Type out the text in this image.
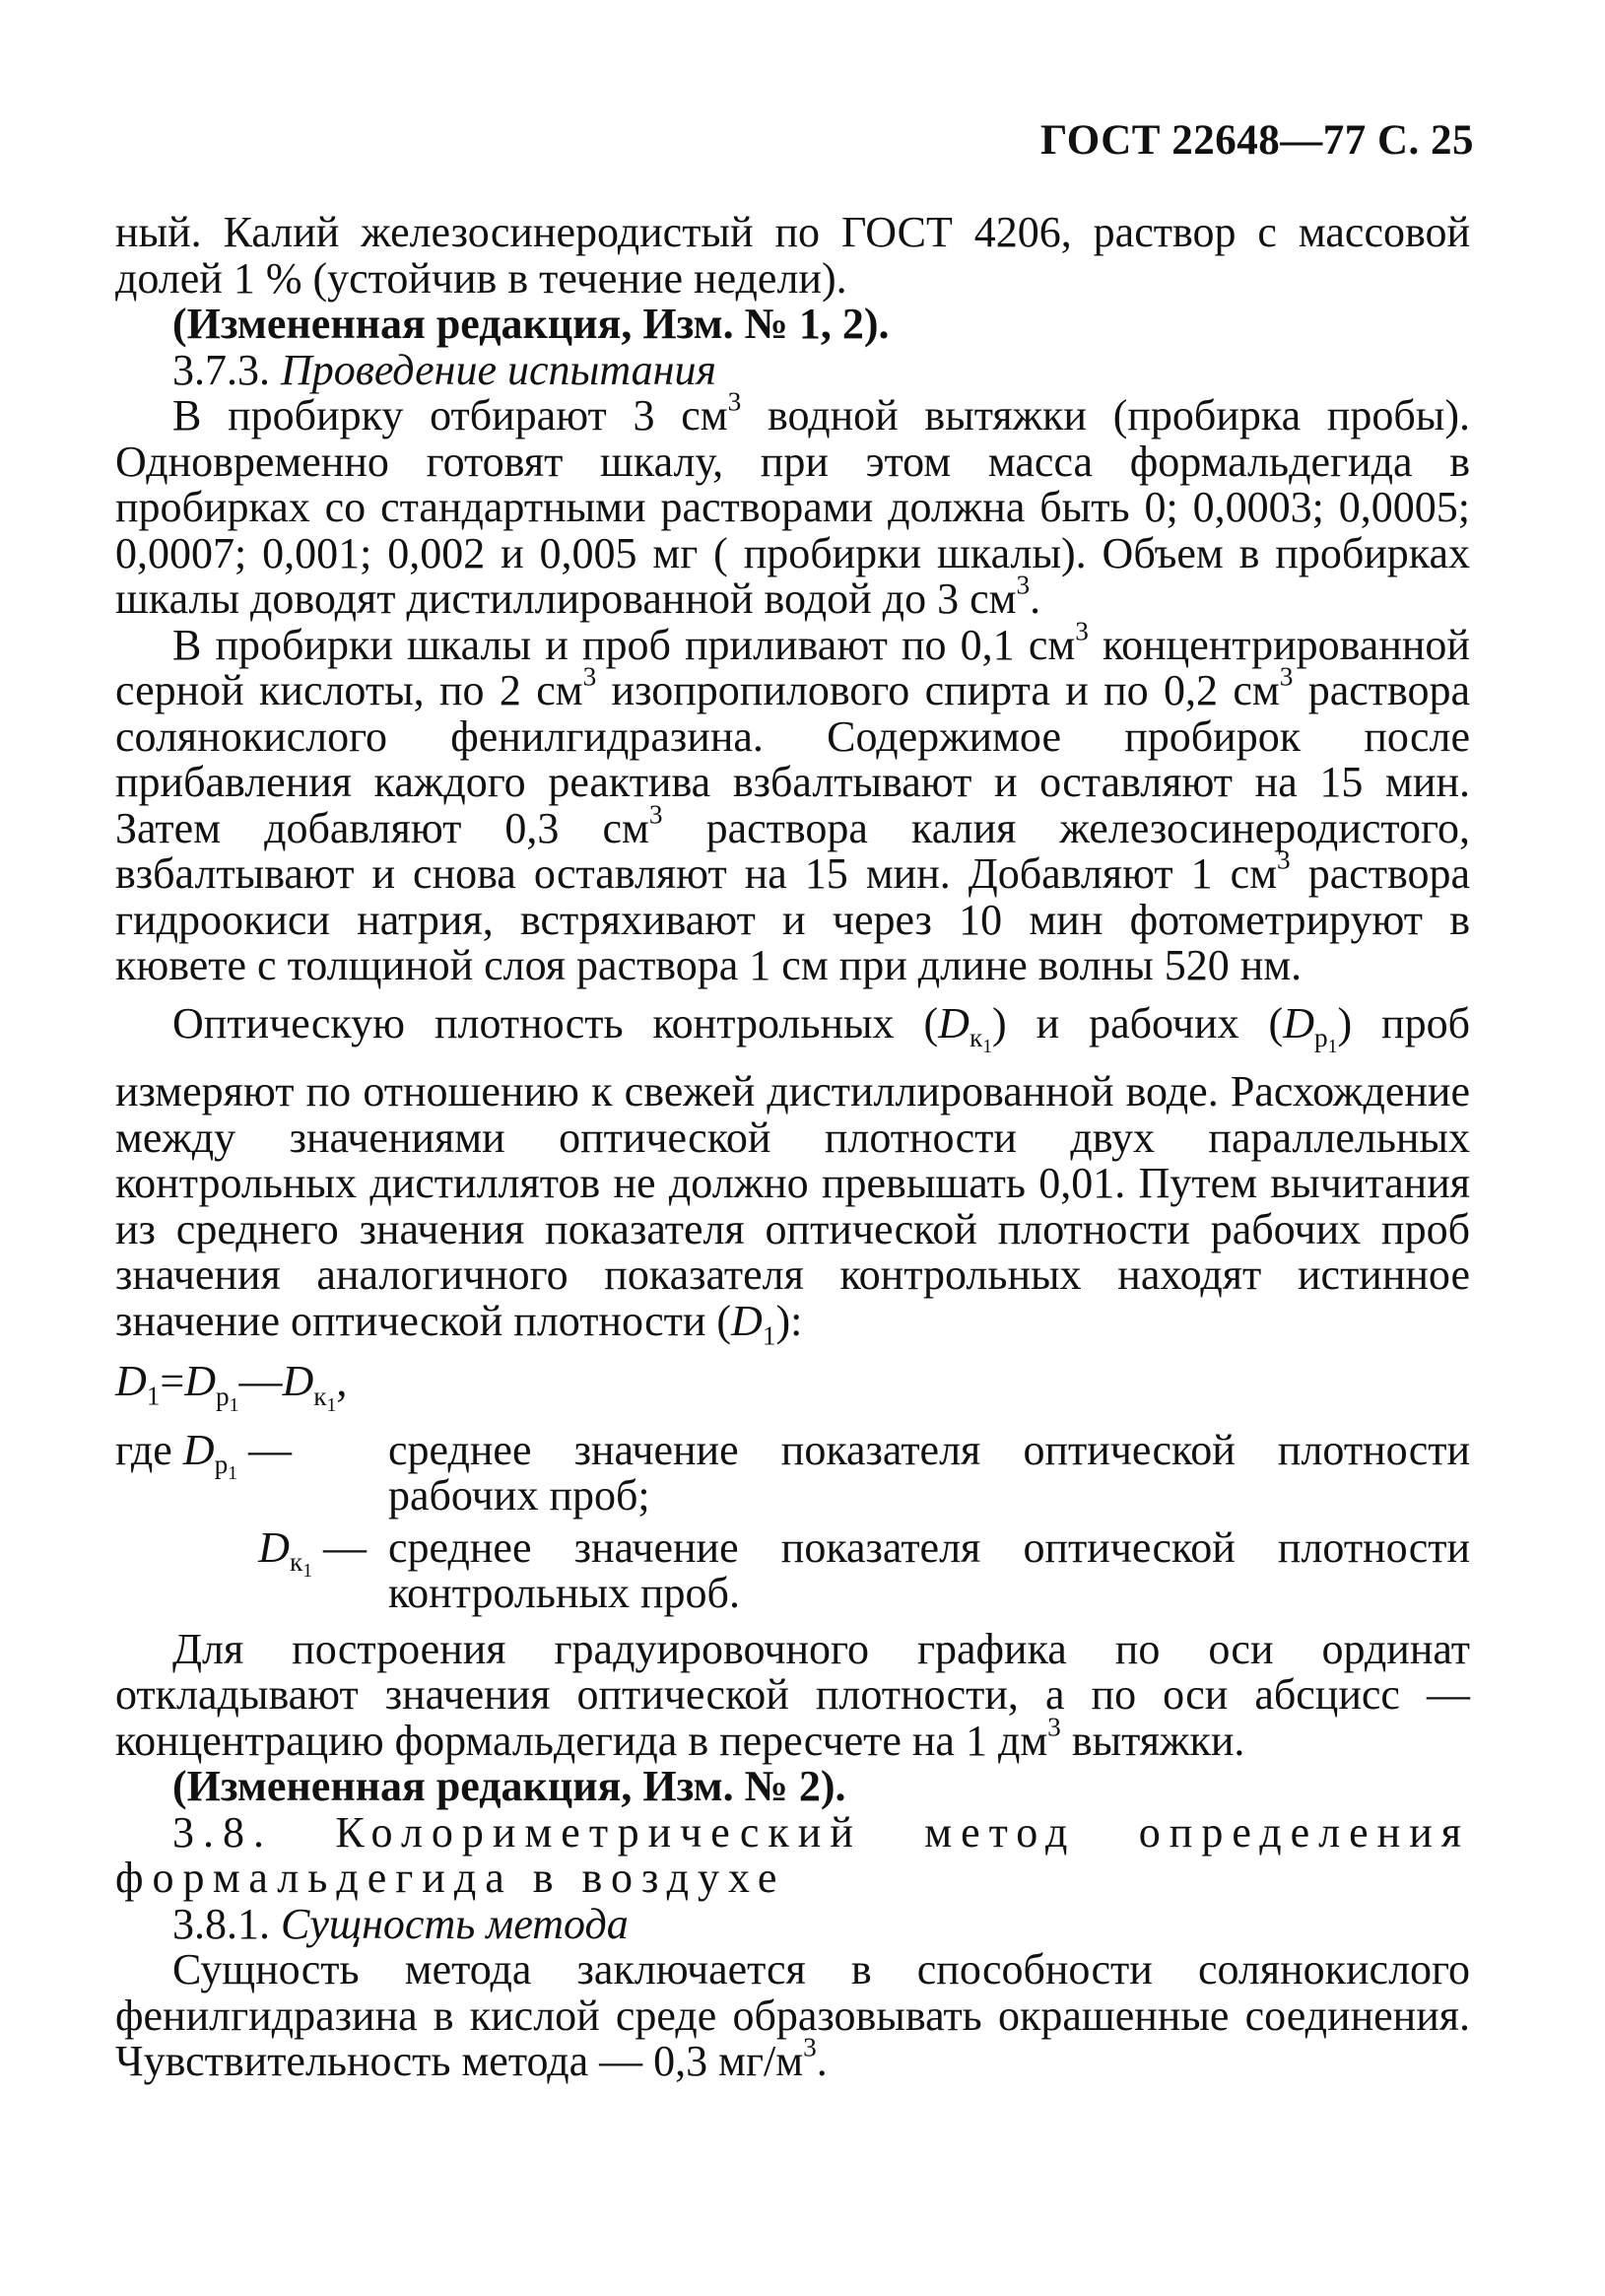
ГОСТ 22648—77 С. 25

ный. Калий железосинеродистый по ГОСТ 4206, раствор с массовой долей 1 % (устойчив в течение недели).

(Измененная редакция, Изм. № 1, 2).

3.7.3. Проведение испытания

В пробирку отбирают 3 $см^3$ водной вытяжки (пробирка пробы). Одновременно готовят шкалу, при этом масса формальдегида в пробирках со стандартными растворами должна быть 0; 0,0003; 0,0005; 0,0007; 0,001; 0,002 и 0,005 мг ( пробирки шкалы). Объем в пробирках шкалы доводят дистиллированной водой до 3 $см^3$.

В пробирки шкалы и проб приливают по 0,1 $см^3$ концентрированной серной кислоты, по 2 $см^3$ изопропилового спирта и по 0,2 $см^3$ раствора солянокислого фенилгидразина. Содержимое пробирок после прибавления каждого реактива взбалтывают и оставляют на 15 мин. Затем добавляют 0,3 $см^3$ раствора калия железосинеродистого, взбалтывают и снова оставляют на 15 мин. Добавляют 1 $см^3$ раствора гидроокиси натрия, встряхивают и через 10 мин фотометрируют в кювете с толщиной слоя раствора 1 см при длине волны 520 нм.

Оптическую плотность контрольных $(D_{к_1})$ и рабочих $(D_{р_1})$ проб измеряют по отношению к свежей дистиллированной воде. Расхождение между значениями оптической плотности двух параллельных контрольных дистиллятов не должно превышать 0,01. Путем вычитания из среднего значения показателя оптической плотности рабочих проб значения аналогичного показателя контрольных находят истинное значение оптической плотности $(D_1)$:

$D_1=D_{р_1}—D_{к_1}$,

где $D_{р_1}$ —	среднее значение показателя оптической плотности рабочих проб;
$D_{к_1}$ — среднее значение показателя оптической плотности контрольных проб.

Для построения градуировочного графика по оси ординат откладывают значения оптической плотности, а по оси абсцисс — концентрацию формальдегида в пересчете на 1 $дм^3$ вытяжки.

(Измененная редакция, Изм. № 2).

3.8. Колориметрический метод определения формальдегида в воздухе

3.8.1. Сущность метода

Сущность метода заключается в способности солянокислого фенилгидразина в кислой среде образовывать окрашенные соединения. Чувствительность метода — 0,3 $мг/м^3$.
